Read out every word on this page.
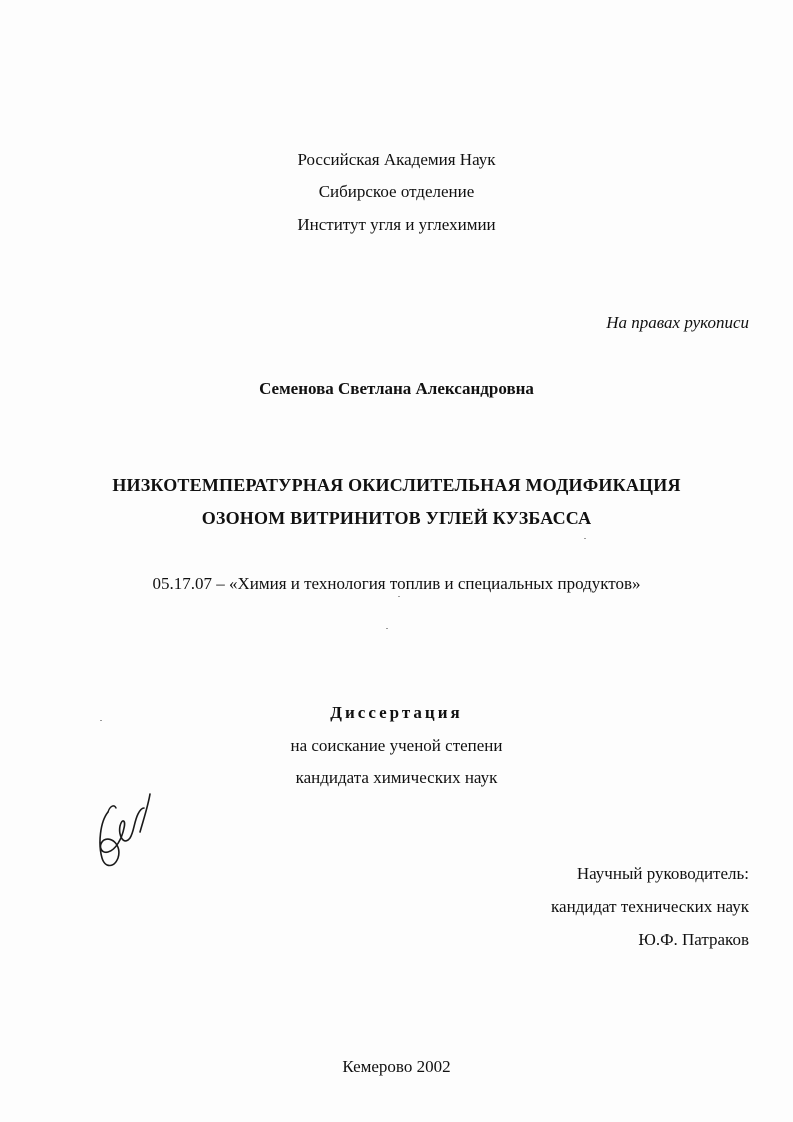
Российская Академия Наук
Сибирское отделение
Институт угля и углехимии
На правах рукописи
Семенова Светлана Александровна
НИЗКОТЕМПЕРАТУРНАЯ ОКИСЛИТЕЛЬНАЯ МОДИФИКАЦИЯ
ОЗОНОМ ВИТРИНИТОВ УГЛЕЙ КУЗБАССА
05.17.07 – «Химия и технология топлив и специальных продуктов»
Диссертация
на соискание ученой степени
кандидата химических наук
Научный руководитель:
кандидат технических наук
Ю.Ф. Патраков
Кемерово 2002
